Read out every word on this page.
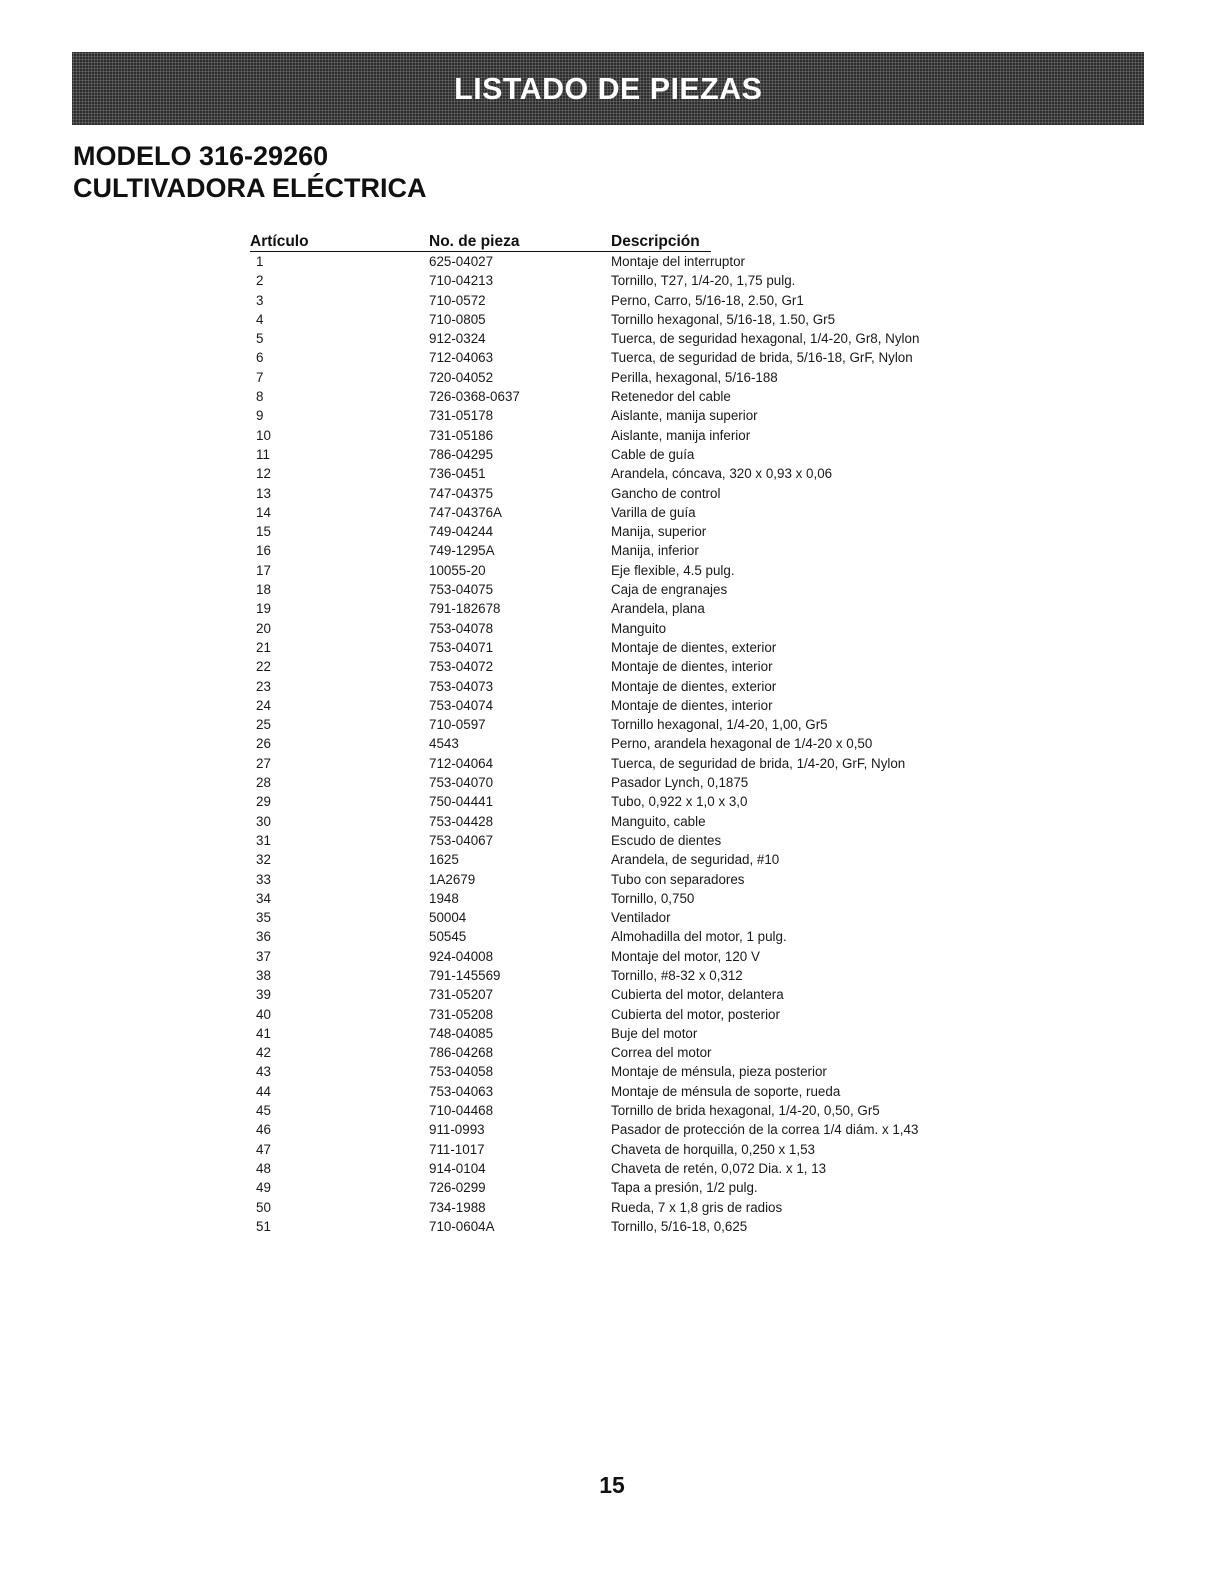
LISTADO DE PIEZAS
MODELO 316-29260
CULTIVADORA ELÉCTRICA
Artículo	No. de pieza	Descripción

1	625-04027	Montaje del interruptor
2	710-04213	Tornillo, T27, 1/4-20, 1,75 pulg.
3	710-0572	Perno, Carro, 5/16-18, 2.50, Gr1
4	710-0805	Tornillo hexagonal, 5/16-18, 1.50, Gr5
5	912-0324	Tuerca, de seguridad hexagonal, 1/4-20, Gr8, Nylon
6	712-04063	Tuerca, de seguridad de brida, 5/16-18, GrF, Nylon
7	720-04052	Perilla, hexagonal, 5/16-188
8	726-0368-0637	Retenedor del cable
9	731-05178	Aislante, manija superior
10	731-05186	Aislante, manija inferior
11	786-04295	Cable de guía
12	736-0451	Arandela, cóncava, 320 x 0,93 x 0,06
13	747-04375	Gancho de control
14	747-04376A	Varilla de guía
15	749-04244	Manija, superior
16	749-1295A	Manija, inferior
17	10055-20	Eje flexible, 4.5 pulg.
18	753-04075	Caja de engranajes
19	791-182678	Arandela, plana
20	753-04078	Manguito
21	753-04071	Montaje de dientes, exterior
22	753-04072	Montaje de dientes, interior
23	753-04073	Montaje de dientes, exterior
24	753-04074	Montaje de dientes, interior
25	710-0597	Tornillo hexagonal, 1/4-20, 1,00, Gr5
26	4543	Perno, arandela hexagonal de 1/4-20 x 0,50
27	712-04064	Tuerca, de seguridad de brida, 1/4-20, GrF, Nylon
28	753-04070	Pasador Lynch, 0,1875
29	750-04441	Tubo, 0,922 x 1,0 x 3,0
30	753-04428	Manguito, cable
31	753-04067	Escudo de dientes
32	1625	Arandela, de seguridad, #10
33	1A2679	Tubo con separadores
34	1948	Tornillo, 0,750
35	50004	Ventilador
36	50545	Almohadilla del motor, 1 pulg.
37	924-04008	Montaje del motor, 120 V
38	791-145569	Tornillo, #8-32 x 0,312
39	731-05207	Cubierta del motor, delantera
40	731-05208	Cubierta del motor, posterior
41	748-04085	Buje del motor
42	786-04268	Correa del motor
43	753-04058	Montaje de ménsula, pieza posterior
44	753-04063	Montaje de ménsula de soporte, rueda
45	710-04468	Tornillo de brida hexagonal, 1/4-20, 0,50, Gr5
46	911-0993	Pasador de protección de la correa 1/4 diám. x 1,43
47	711-1017	Chaveta de horquilla, 0,250 x 1,53
48	914-0104	Chaveta de retén, 0,072 Dia. x 1, 13
49	726-0299	Tapa a presión, 1/2 pulg.
50	734-1988	Rueda, 7 x 1,8 gris de radios
51	710-0604A	Tornillo, 5/16-18, 0,625
15
